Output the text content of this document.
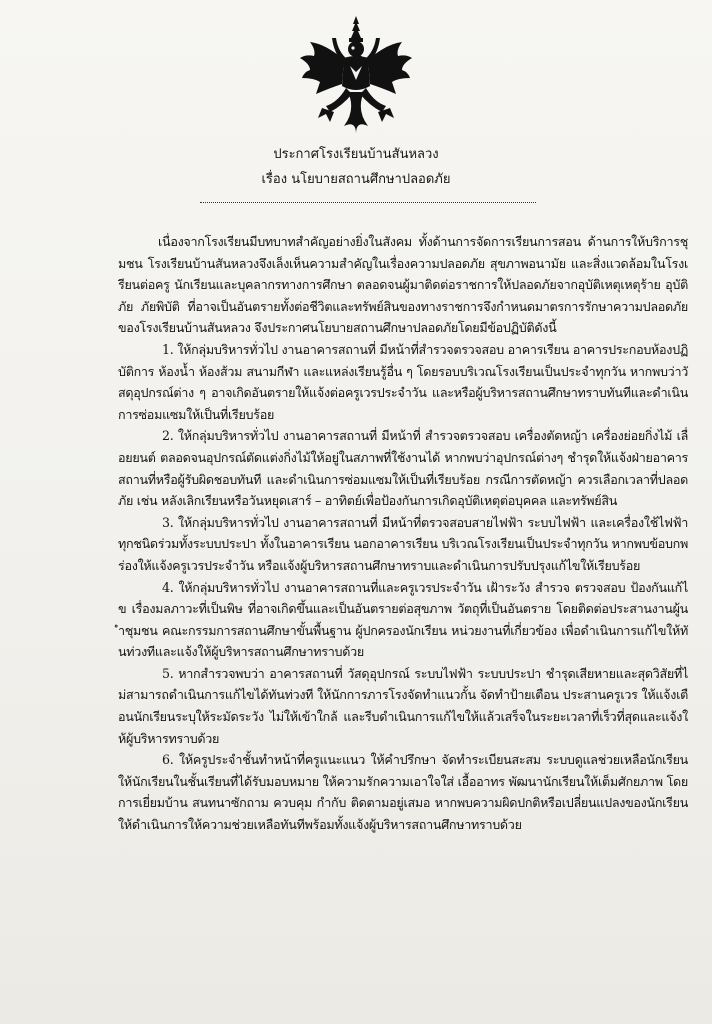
ประกาศโรงเรียนบ้านสันหลวง
เรื่อง นโยบายสถานศึกษาปลอดภัย

เนื่องจากโรงเรียนมีบทบาทสำคัญอย่างยิ่งในสังคม ทั้งด้านการจัดการเรียนการสอน ด้านการให้บริการชุมชน โรงเรียนบ้านสันหลวงจึงเล็งเห็นความสำคัญในเรื่องความปลอดภัย สุขภาพอนามัย และสิ่งแวดล้อมในโรงเรียนต่อครู นักเรียนและบุคลากรทางการศึกษา ตลอดจนผู้มาติดต่อราชการให้ปลอดภัยจากอุบัติเหตุเหตุร้าย อุบัติภัย ภัยพิบัติ ที่อาจเป็นอันตรายทั้งต่อชีวิตและทรัพย์สินของทางราชการจึงกำหนดมาตรการรักษาความปลอดภัยของโรงเรียนบ้านสันหลวง จึงประกาศนโยบายสถานศึกษาปลอดภัยโดยมีข้อปฏิบัติดังนี้

1. ให้กลุ่มบริหารทั่วไป งานอาคารสถานที่ มีหน้าที่สำรวจตรวจสอบ อาคารเรียน อาคารประกอบห้องปฏิบัติการ ห้องน้ำ ห้องส้วม สนามกีฬา และแหล่งเรียนรู้อื่น ๆ โดยรอบบริเวณโรงเรียนเป็นประจำทุกวัน หากพบว่าวัสดุอุปกรณ์ต่าง ๆ อาจเกิดอันตรายให้แจ้งต่อครูเวรประจำวัน และหรือผู้บริหารสถานศึกษาทราบทันทีและดำเนินการซ่อมแซมให้เป็นที่เรียบร้อย

2. ให้กลุ่มบริหารทั่วไป งานอาคารสถานที่ มีหน้าที่ สำรวจตรวจสอบ เครื่องตัดหญ้า เครื่องย่อยกิ่งไม้ เลื่อยยนต์ ตลอดจนอุปกรณ์ตัดแต่งกิ่งไม้ให้อยู่ในสภาพที่ใช้งานได้ หากพบว่าอุปกรณ์ต่างๆ ชำรุดให้แจ้งฝ่ายอาคารสถานที่หรือผู้รับผิดชอบทันที และดำเนินการซ่อมแซมให้เป็นที่เรียบร้อย กรณีการตัดหญ้า ควรเลือกเวลาที่ปลอดภัย เช่น หลังเลิกเรียนหรือวันหยุดเสาร์ – อาทิตย์เพื่อป้องกันการเกิดอุบัติเหตุต่อบุคคล และทรัพย์สิน

3. ให้กลุ่มบริหารทั่วไป งานอาคารสถานที่ มีหน้าที่ตรวจสอบสายไฟฟ้า ระบบไฟฟ้า และเครื่องใช้ไฟฟ้าทุกชนิดร่วมทั้งระบบประปา ทั้งในอาคารเรียน นอกอาคารเรียน บริเวณโรงเรียนเป็นประจำทุกวัน หากพบข้อบกพร่องให้แจ้งครูเวรประจำวัน หรือแจ้งผู้บริหารสถานศึกษาทราบและดำเนินการปรับปรุงแก้ไขให้เรียบร้อย

4. ให้กลุ่มบริหารทั่วไป งานอาคารสถานที่และครูเวรประจำวัน เฝ้าระวัง สำรวจ ตรวจสอบ ป้องกันแก้ไข เรื่องมลภาวะที่เป็นพิษ ที่อาจเกิดขึ้นและเป็นอันตรายต่อสุขภาพ วัตถุที่เป็นอันตราย โดยติดต่อประสานงานผู้นำชุมชน คณะกรรมการสถานศึกษาขั้นพื้นฐาน ผู้ปกครองนักเรียน หน่วยงานที่เกี่ยวข้อง เพื่อดำเนินการแก้ไขให้ทันท่วงทีและแจ้งให้ผู้บริหารสถานศึกษาทราบด้วย

5. หากสำรวจพบว่า อาคารสถานที่ วัสดุอุปกรณ์ ระบบไฟฟ้า ระบบประปา ชำรุดเสียหายและสุดวิสัยที่ไม่สามารถดำเนินการแก้ไขได้ทันท่วงที ให้นักการภารโรงจัดทำแนวกั้น จัดทำป้ายเตือน ประสานครูเวร ให้แจ้งเตือนนักเรียนระบุให้ระมัดระวัง ไม่ให้เข้าใกล้ และรีบดำเนินการแก้ไขให้แล้วเสร็จในระยะเวลาที่เร็วที่สุดและแจ้งให้ผู้บริหารทราบด้วย

6. ให้ครูประจำชั้นทำหน้าที่ครูแนะแนว ให้คำปรึกษา จัดทำระเบียนสะสม ระบบดูแลช่วยเหลือนักเรียน ให้นักเรียนในชั้นเรียนที่ได้รับมอบหมาย ให้ความรักความเอาใจใส่ เอื้ออาทร พัฒนานักเรียนให้เต็มศักยภาพ โดยการเยี่ยมบ้าน สนทนาซักถาม ควบคุม กำกับ ติดตามอยู่เสมอ หากพบความผิดปกติหรือเปลี่ยนแปลงของนักเรียน ให้ดำเนินการให้ความช่วยเหลือทันทีพร้อมทั้งแจ้งผู้บริหารสถานศึกษาทราบด้วย
